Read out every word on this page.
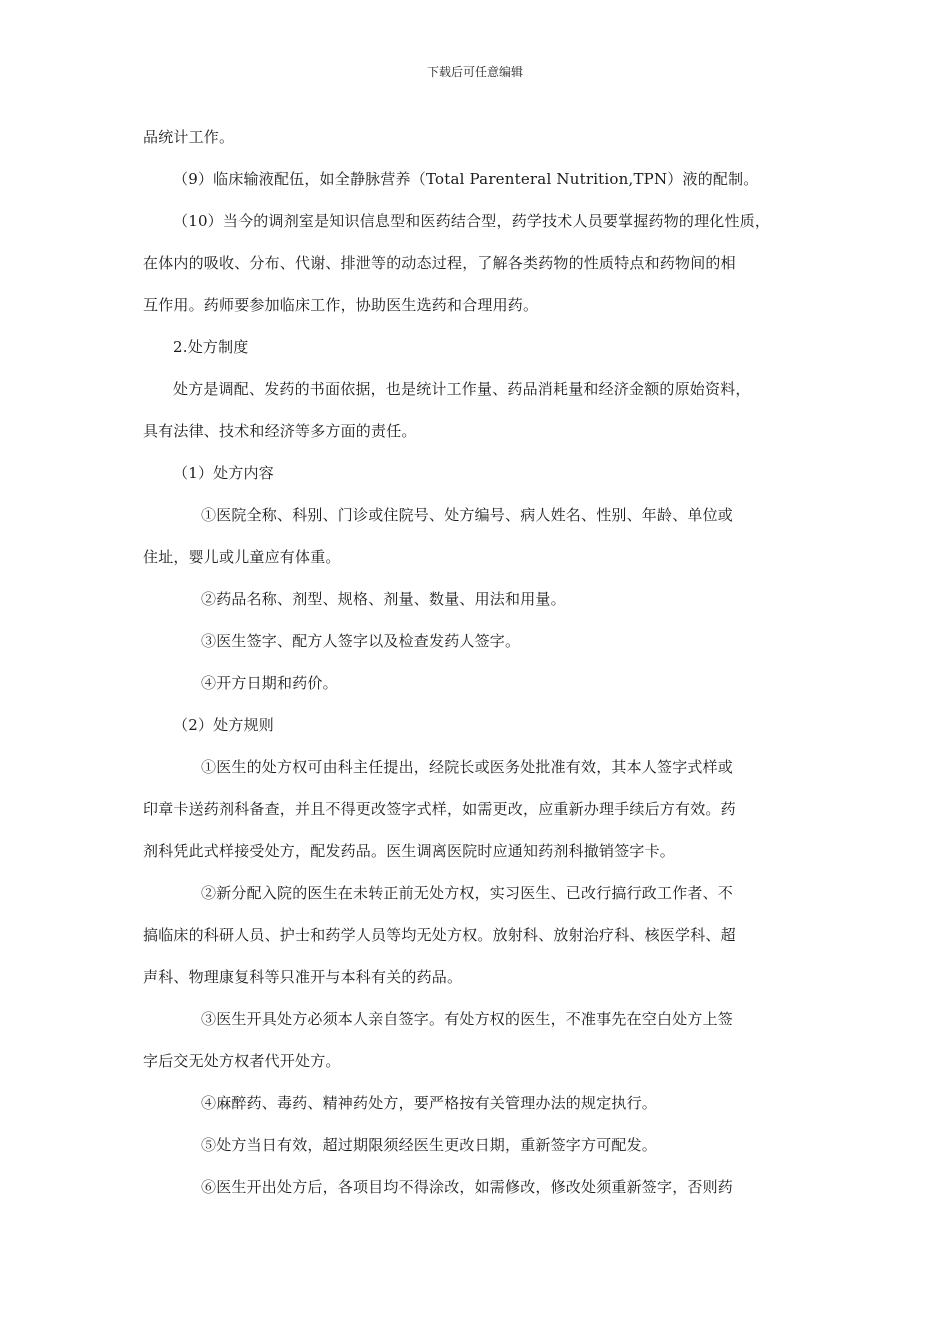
下载后可任意编辑
品统计工作。
（9）临床输液配伍，如全静脉营养（Total Parenteral Nutrition,TPN）液的配制。
（10）当今的调剂室是知识信息型和医药结合型，药学技术人员要掌握药物的理化性质，
在体内的吸收、分布、代谢、排泄等的动态过程，了解各类药物的性质特点和药物间的相
互作用。药师要参加临床工作，协助医生选药和合理用药。
2.处方制度
处方是调配、发药的书面依据，也是统计工作量、药品消耗量和经济金额的原始资料，
具有法律、技术和经济等多方面的责任。
（1）处方内容
①医院全称、科别、门诊或住院号、处方编号、病人姓名、性别、年龄、单位或
住址，婴儿或儿童应有体重。
②药品名称、剂型、规格、剂量、数量、用法和用量。
③医生签字、配方人签字以及检查发药人签字。
④开方日期和药价。
（2）处方规则
①医生的处方权可由科主任提出，经院长或医务处批准有效，其本人签字式样或
印章卡送药剂科备查，并且不得更改签字式样，如需更改，应重新办理手续后方有效。药
剂科凭此式样接受处方，配发药品。医生调离医院时应通知药剂科撤销签字卡。
②新分配入院的医生在未转正前无处方权，实习医生、已改行搞行政工作者、不
搞临床的科研人员、护士和药学人员等均无处方权。放射科、放射治疗科、核医学科、超
声科、物理康复科等只准开与本科有关的药品。
③医生开具处方必须本人亲自签字。有处方权的医生，不准事先在空白处方上签
字后交无处方权者代开处方。
④麻醉药、毒药、精神药处方，要严格按有关管理办法的规定执行。
⑤处方当日有效，超过期限须经医生更改日期，重新签字方可配发。
⑥医生开出处方后，各项目均不得涂改，如需修改，修改处须重新签字，否则药
